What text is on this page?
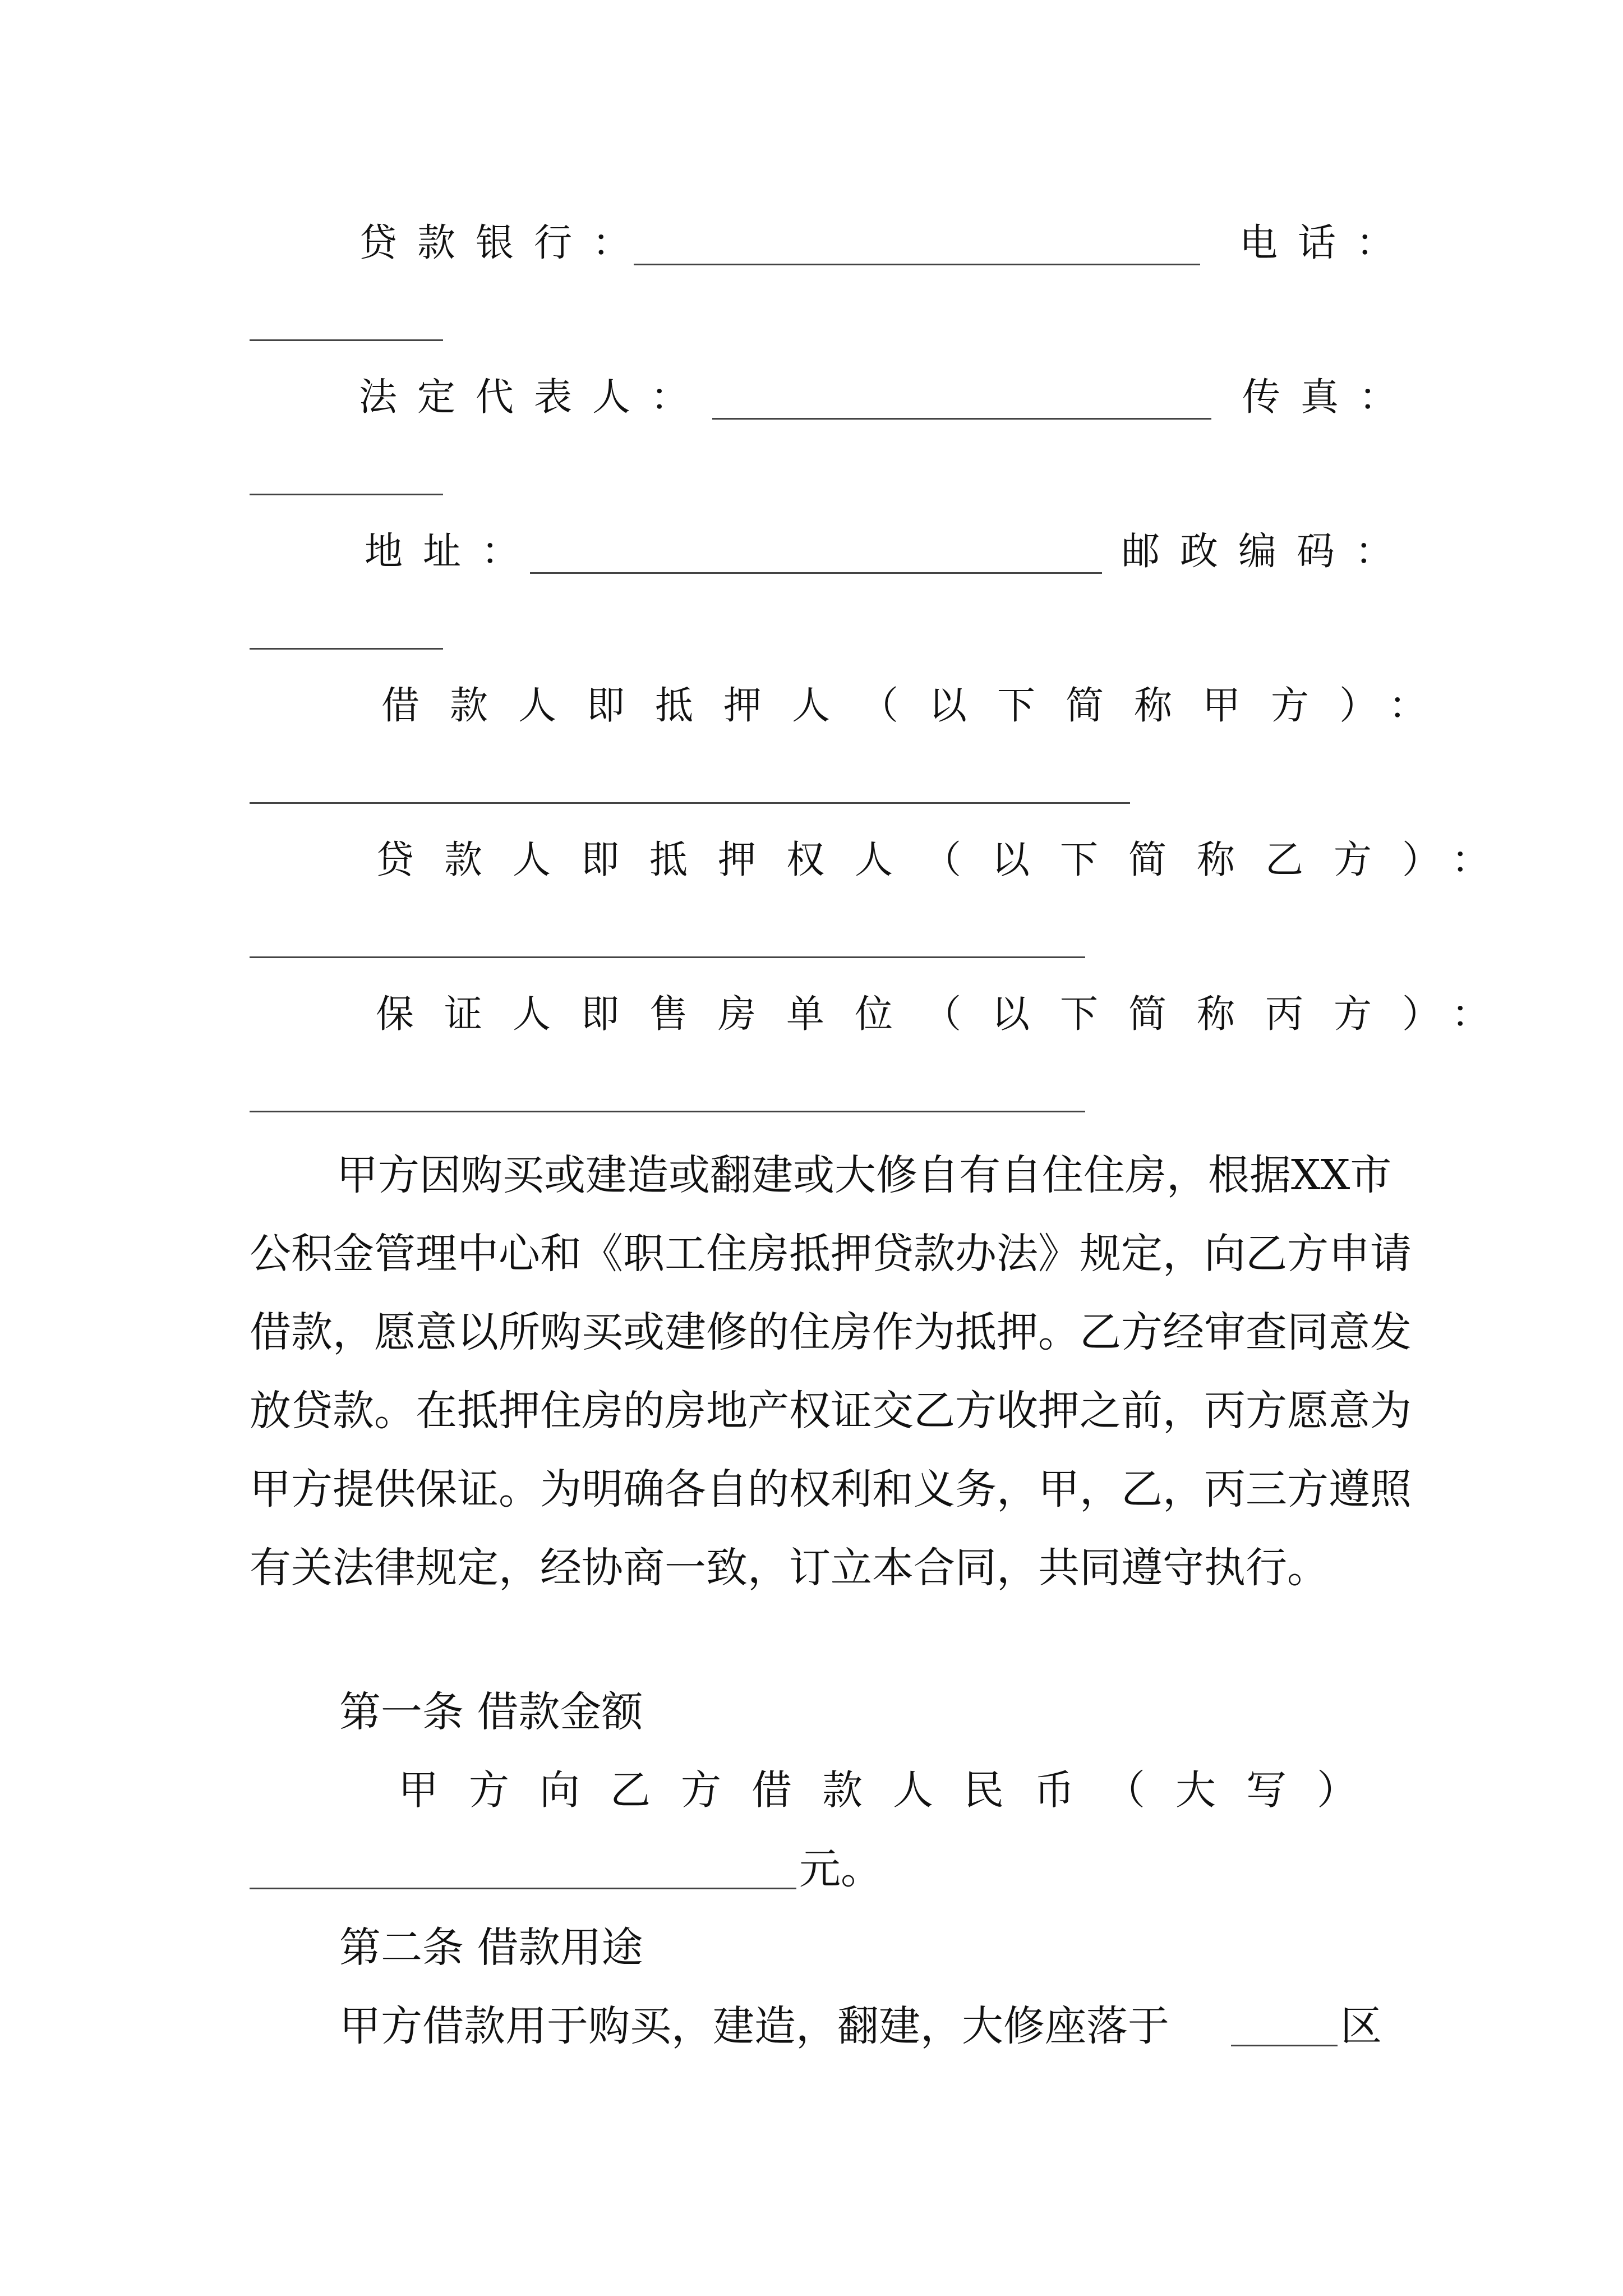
贷款银行：	电话：
法定代表人：	传真：
地址：	邮政编码：
借款人即抵押人（以下简称甲方）：
贷款人即抵押权人（以下简称乙方）：
保证人即售房单位（以下简称丙方）：
甲方因购买或建造或翻建或大修自有自住住房，根据XX市公积金管理中心和《职工住房抵押贷款办法》规定，向乙方申请借款，愿意以所购买或建修的住房作为抵押。乙方经审查同意发放贷款。在抵押住房的房地产权证交乙方收押之前，丙方愿意为甲方提供保证。为明确各自的权利和义务，甲，乙，丙三方遵照有关法律规定，经协商一致，订立本合同，共同遵守执行。
第一条 借款金额
甲方向乙方借款人民币（大写）
元。
第二条 借款用途
甲方借款用于购买，建造，翻建，大修座落于	区
